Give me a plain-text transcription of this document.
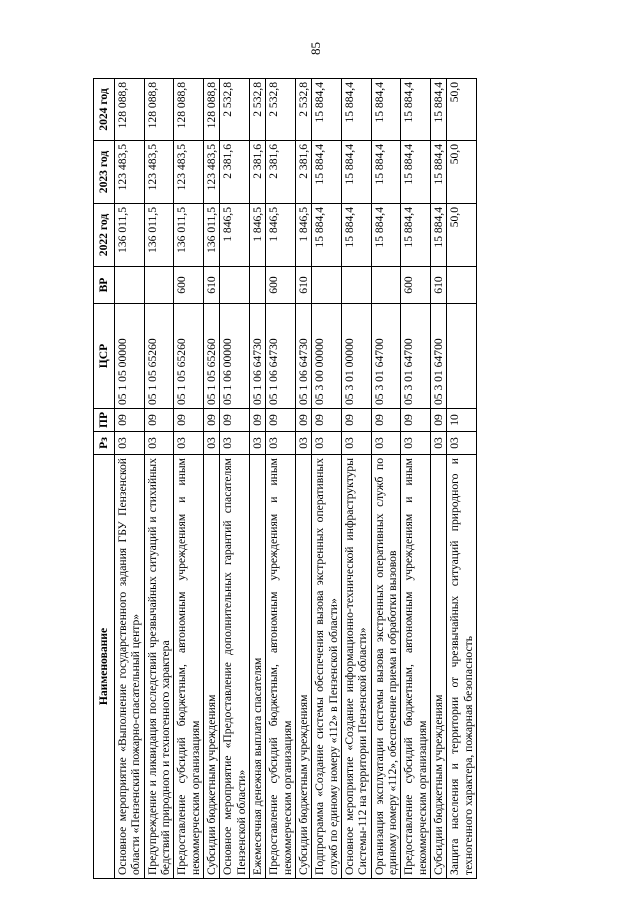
85
Наименование	Рз	ПР	ЦСР	ВР	2022 год	2023 год	2024 год
Основное мероприятие «Выполнение государственного задания ГБУ Пензенской области «Пензенский пожарно-спасательный центр»	03	09	05 1 05 00000		136 011,5	123 483,5	128 088,8
Предупреждение и ликвидация последствий чрезвычайных ситуаций и стихийных бедствий природного и техногенного характера	03	09	05 1 05 65260		136 011,5	123 483,5	128 088,8
Предоставление субсидий бюджетным, автономным учреждениям и иным некоммерческим организациям	03	09	05 1 05 65260	600	136 011,5	123 483,5	128 088,8
Субсидии бюджетным учреждениям	03	09	05 1 05 65260	610	136 011,5	123 483,5	128 088,8
Основное мероприятие «Предоставление дополнительных гарантий спасателям Пензенской области»	03	09	05 1 06 00000		1 846,5	2 381,6	2 532,8
Ежемесячная денежная выплата спасателям	03	09	05 1 06 64730		1 846,5	2 381,6	2 532,8
Предоставление субсидий бюджетным, автономным учреждениям и иным некоммерческим организациям	03	09	05 1 06 64730	600	1 846,5	2 381,6	2 532,8
Субсидии бюджетным учреждениям	03	09	05 1 06 64730	610	1 846,5	2 381,6	2 532,8
Подпрограмма «Создание системы обеспечения вызова экстренных оперативных служб по единому номеру «112» в Пензенской области»	03	09	05 3 00 00000		15 884,4	15 884,4	15 884,4
Основное мероприятие «Создание информационно-технической инфраструктуры Системы-112 на территории Пензенской области»	03	09	05 3 01 00000		15 884,4	15 884,4	15 884,4
Организация эксплуатации системы вызова экстренных оперативных служб по единому номеру «112», обеспечение приема и обработки вызовов	03	09	05 3 01 64700		15 884,4	15 884,4	15 884,4
Предоставление субсидий бюджетным, автономным учреждениям и иным некоммерческим организациям	03	09	05 3 01 64700	600	15 884,4	15 884,4	15 884,4
Субсидии бюджетным учреждениям	03	09	05 3 01 64700	610	15 884,4	15 884,4	15 884,4
Защита населения и территории от чрезвычайных ситуаций природного и техногенного характера, пожарная безопасность	03	10			50,0	50,0	50,0
